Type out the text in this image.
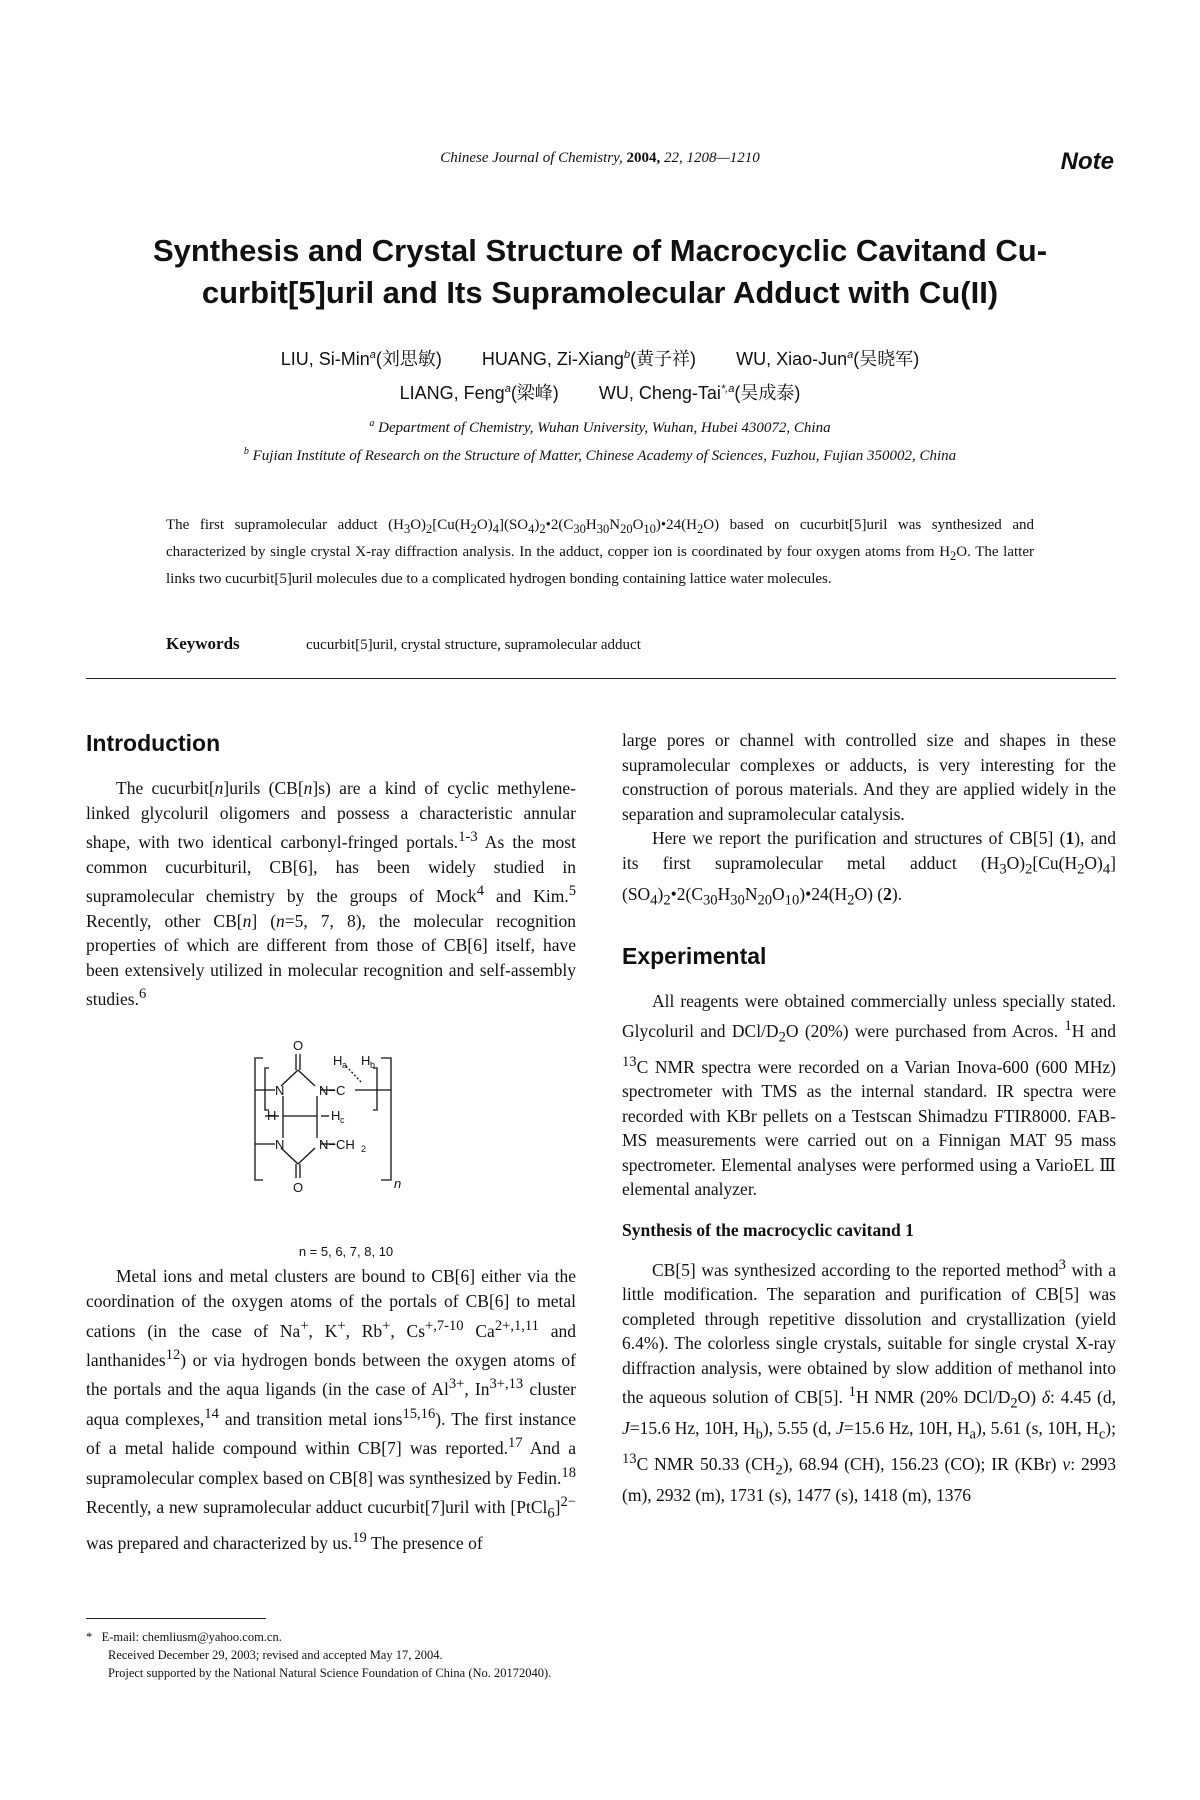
Chinese Journal of Chemistry, 2004, 22, 1208—1210	Note
Synthesis and Crystal Structure of Macrocyclic Cavitand Cu-
curbit[5]uril and Its Supramolecular Adduct with Cu(II)
LIU, Si-Min$^a$(刘思敏) HUANG, Zi-Xiang$^b$(黄子祥) WU, Xiao-Jun$^a$(吴晓军)
LIANG, Feng$^a$(梁峰) WU, Cheng-Tai$^{*,a}$(吴成泰)
$^a$ Department of Chemistry, Wuhan University, Wuhan, Hubei 430072, China
$^b$ Fujian Institute of Research on the Structure of Matter, Chinese Academy of Sciences, Fuzhou, Fujian 350002, China
The first supramolecular adduct $(H_3O)_2[Cu(H_2O)_4](SO_4)_2•2(C_{30}H_{30}N_{20}O_{10})•24(H_2O)$ based on cucurbit[5]uril was synthesized and characterized by single crystal X-ray diffraction analysis. In the adduct, copper ion is coordinated by four oxygen atoms from $H_2O$. The latter links two cucurbit[5]uril molecules due to a complicated hydrogen bonding containing lattice water molecules.
Keywords	cucurbit[5]uril, crystal structure, supramolecular adduct
Introduction

The cucurbit[n]urils (CB[n]s) are a kind of cyclic methylene-linked glycoluril oligomers and possess a characteristic annular shape, with two identical carbonyl-fringed portals.$^{1-3}$ As the most common cucurbituril, CB[6], has been widely studied in supramolecular chemistry by the groups of Mock$^4$ and Kim.$^5$ Recently, other CB[n] (n=5, 7, 8), the molecular recognition properties of which are different from those of CB[6] itself, have been extensively utilized in molecular recognition and self-assembly studies.$^6$

O
N	N−C
H a H b
H	H c
N	N−CH 2
O	n

n = 5, 6, 7, 8, 10

Metal ions and metal clusters are bound to CB[6] either via the coordination of the oxygen atoms of the portals of CB[6] to metal cations (in the case of Na+, K+, Rb+, $Cs^{+,7-10}$ $Ca^{2+,1,11}$ and lanthanides$^{12}$) or via hydrogen bonds between the oxygen atoms of the portals and the aqua ligands (in the case of $Al^{3+}$, $In^{3+,13}$ cluster aqua complexes,$^{14}$ and transition metal ions$^{15,16}$). The first instance of a metal halide compound within CB[7] was reported.$^{17}$ And a supramolecular complex based on CB[8] was synthesized by Fedin.$^{18}$ Recently, a new supramolecular adduct cucurbit[7]uril with [PtCl$_6$]$^{2-}$ was prepared and characterized by us.$^{19}$ The presence of

large pores or channel with controlled size and shapes in these supramolecular complexes or adducts, is very interesting for the construction of porous materials. And they are applied widely in the separation and supramolecular catalysis.

Here we report the purification and structures of CB[5] (1), and its first supramolecular metal adduct $(H_3O)_2[Cu(H_2O)_4](SO_4)_2•2(C_{30}H_{30}N_{20}O_{10})•24(H_2O)$ (2).

Experimental

All reagents were obtained commercially unless specially stated. Glycoluril and DCl/$D_2O$ (20%) were purchased from Acros. $^1$H and $^{13}$C NMR spectra were recorded on a Varian Inova-600 (600 MHz) spectrometer with TMS as the internal standard. IR spectra were recorded with KBr pellets on a Testscan Shimadzu FTIR8000. FAB-MS measurements were carried out on a Finnigan MAT 95 mass spectrometer. Elemental analyses were performed using a VarioEL Ⅲ elemental analyzer.

Synthesis of the macrocyclic cavitand 1

CB[5] was synthesized according to the reported method$^3$ with a little modification. The separation and purification of CB[5] was completed through repetitive dissolution and crystallization (yield 6.4%). The colorless single crystals, suitable for single crystal X-ray diffraction analysis, were obtained by slow addition of methanol into the aqueous solution of CB[5]. $^1$H NMR (20% DCl/$D_2O$) δ: 4.45 (d, J=15.6 Hz, 10H, $H_b$), 5.55 (d, J=15.6 Hz, 10H, $H_a$), 5.61 (s, 10H, $H_c$); $^{13}$C NMR 50.33 $(CH_2)$, 68.94 (CH), 156.23 (CO); IR (KBr) ν: 2993 (m), 2932 (m), 1731 (s), 1477 (s), 1418 (m), 1376

* E-mail: chemliusm@yahoo.com.cn.
Received December 29, 2003; revised and accepted May 17, 2004.
Project supported by the National Natural Science Foundation of China (No. 20172040).
